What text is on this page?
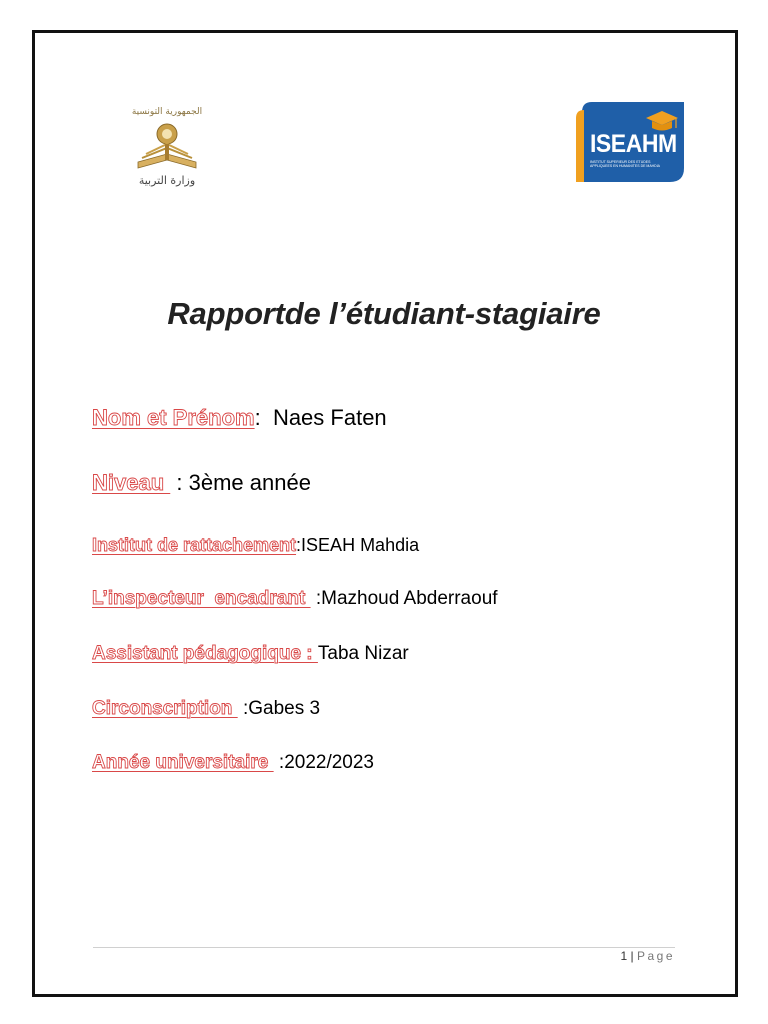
الجمهورية التونسية
وزارة التربية
ISEAHM
INSTITUT SUPERIEUR DES ETUDES APPLIQUEES EN HUMANITES DE MAHDIA
Rapportde l’étudiant-stagiaire
Nom et Prénom:  Naes Faten
Niveau  : 3ème année
Institut de rattachement:ISEAH Mahdia
L’inspecteur  encadrant  :Mazhoud Abderraouf
Assistant pédagogique : Taba Nizar
Circonscription  :Gabes 3
Année universitaire  :2022/2023
1 | Page
